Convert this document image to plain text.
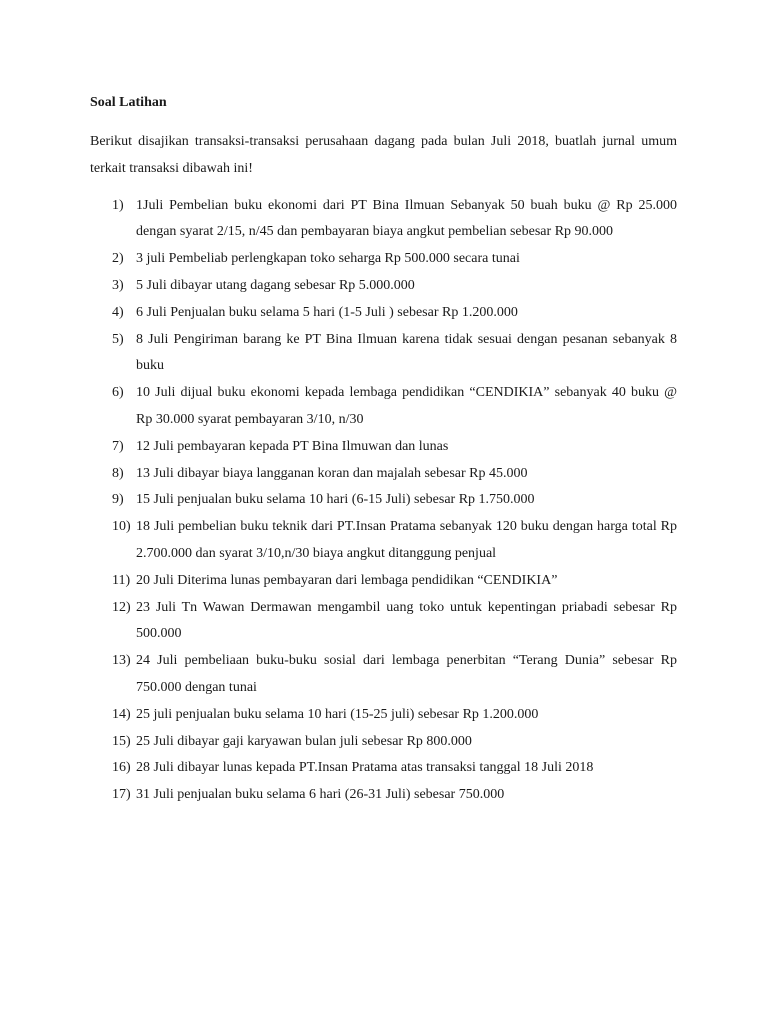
Soal Latihan
Berikut disajikan transaksi-transaksi perusahaan dagang pada bulan Juli 2018, buatlah jurnal umum terkait transaksi dibawah ini!
1) 1Juli Pembelian buku ekonomi dari PT Bina Ilmuan Sebanyak 50 buah buku @ Rp 25.000 dengan syarat 2/15, n/45 dan pembayaran biaya angkut pembelian sebesar Rp 90.000
2) 3 juli Pembeliab perlengkapan toko seharga Rp 500.000 secara tunai
3) 5 Juli dibayar utang dagang sebesar Rp 5.000.000
4) 6 Juli Penjualan buku selama 5 hari (1-5 Juli ) sebesar Rp 1.200.000
5) 8 Juli Pengiriman barang ke PT Bina Ilmuan karena tidak sesuai dengan pesanan sebanyak 8 buku
6) 10 Juli dijual buku ekonomi kepada lembaga pendidikan “CENDIKIA” sebanyak 40 buku @ Rp 30.000 syarat pembayaran 3/10, n/30
7) 12 Juli pembayaran kepada PT Bina Ilmuwan dan lunas
8) 13 Juli dibayar biaya langganan koran dan majalah sebesar Rp 45.000
9) 15 Juli penjualan buku selama 10 hari (6-15 Juli) sebesar Rp 1.750.000
10) 18 Juli pembelian buku teknik dari PT.Insan Pratama sebanyak 120 buku dengan harga total Rp 2.700.000 dan syarat 3/10,n/30 biaya angkut ditanggung penjual
11) 20 Juli Diterima lunas pembayaran dari lembaga pendidikan “CENDIKIA”
12) 23 Juli Tn Wawan Dermawan mengambil uang toko untuk kepentingan priabadi sebesar Rp 500.000
13) 24 Juli pembeliaan buku-buku sosial dari lembaga penerbitan “Terang Dunia” sebesar Rp 750.000 dengan tunai
14) 25 juli penjualan buku selama 10 hari (15-25 juli) sebesar Rp 1.200.000
15) 25 Juli dibayar gaji karyawan bulan juli sebesar Rp 800.000
16) 28 Juli dibayar lunas kepada PT.Insan Pratama atas transaksi tanggal 18 Juli 2018
17) 31 Juli penjualan buku selama 6 hari (26-31 Juli) sebesar 750.000
